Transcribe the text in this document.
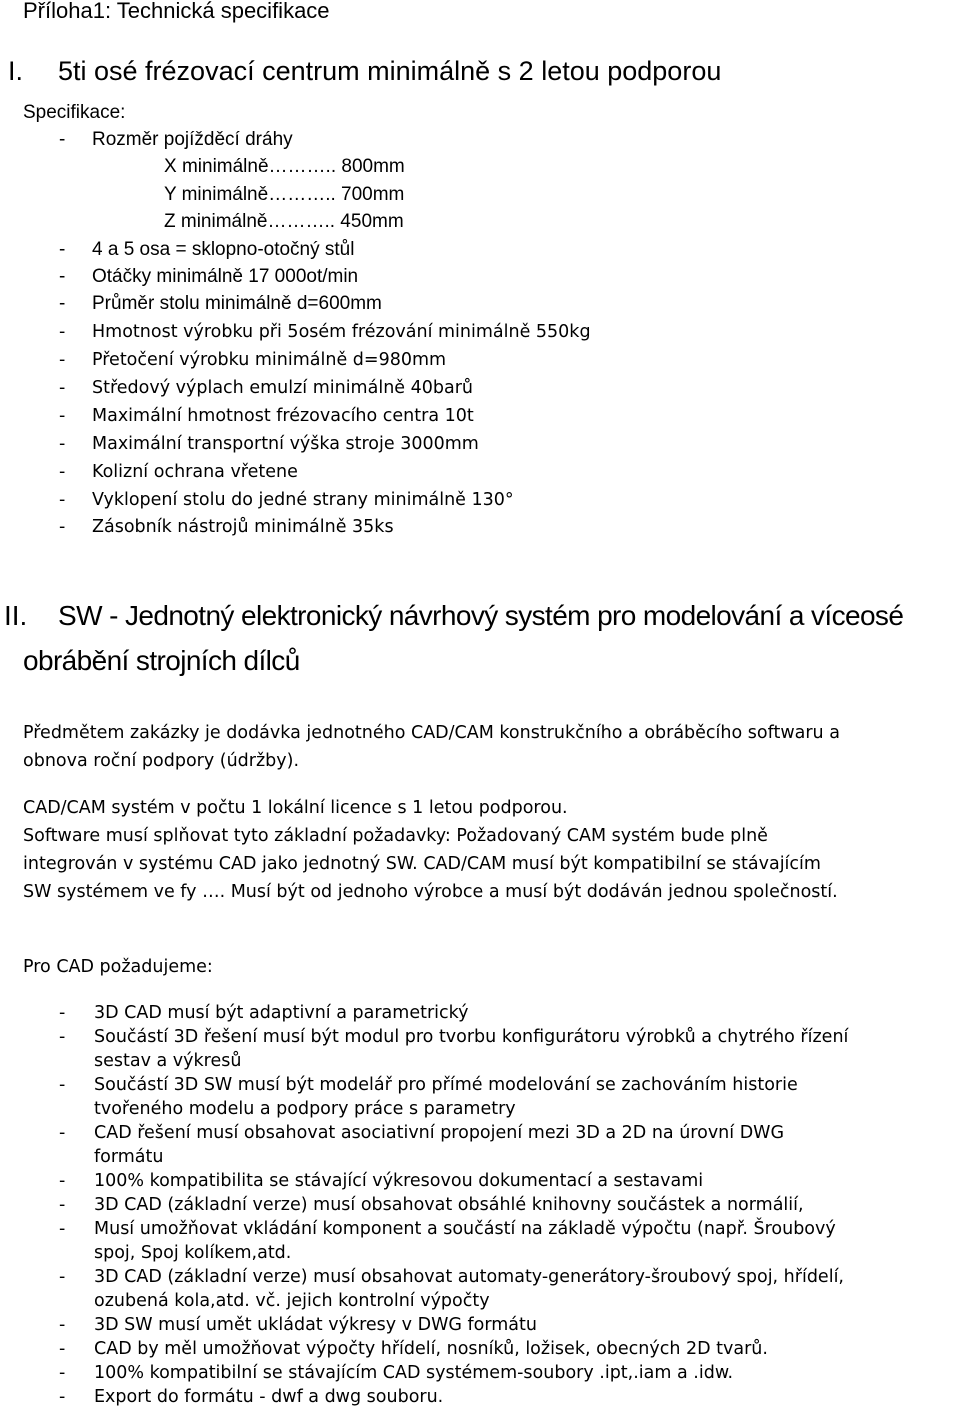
Příloha1: Technická specifikace
I. 5ti osé frézovací centrum minimálně s 2 letou podporou
Specifikace:
- Rozměr pojížděcí dráhy
X minimálně……….. 800mm
Y minimálně……….. 700mm
Z minimálně……….. 450mm
- 4 a 5 osa = sklopno-otočný stůl
- Otáčky minimálně 17 000ot/min
- Průměr stolu minimálně d=600mm
- Hmotnost výrobku při 5osém frézování minimálně 550kg
- Přetočení výrobku minimálně d=980mm
- Středový výplach emulzí minimálně 40barů
- Maximální hmotnost frézovacího centra 10t
- Maximální transportní výška stroje 3000mm
- Kolizní ochrana vřetene
- Vyklopení stolu do jedné strany minimálně 130°
- Zásobník nástrojů minimálně 35ks
II. SW - Jednotný elektronický návrhový systém pro modelování a víceosé
obrábění strojních dílců
Předmětem zakázky je dodávka jednotného CAD/CAM konstrukčního a obráběcího softwaru a
obnova roční podpory (údržby).
CAD/CAM systém v počtu 1 lokální licence s 1 letou podporou.
Software musí splňovat tyto základní požadavky: Požadovaný CAM systém bude plně
integrován v systému CAD jako jednotný SW. CAD/CAM musí být kompatibilní se stávajícím
SW systémem ve fy …. Musí být od jednoho výrobce a musí být dodáván jednou společností.
Pro CAD požadujeme:
- 3D CAD musí být adaptivní a parametrický
- Součástí 3D řešení musí být modul pro tvorbu konfigurátoru výrobků a chytrého řízení
sestav a výkresů
- Součástí 3D SW musí být modelář pro přímé modelování se zachováním historie
tvořeného modelu a podpory práce s parametry
- CAD řešení musí obsahovat asociativní propojení mezi 3D a 2D na úrovní DWG
formátu
- 100% kompatibilita se stávající výkresovou dokumentací a sestavami
- 3D CAD (základní verze) musí obsahovat obsáhlé knihovny součástek a normálií,
- Musí umožňovat vkládání komponent a součástí na základě výpočtu (např. Šroubový
spoj, Spoj kolíkem,atd.
- 3D CAD (základní verze) musí obsahovat automaty-generátory-šroubový spoj, hřídelí,
ozubená kola,atd. vč. jejich kontrolní výpočty
- 3D SW musí umět ukládat výkresy v DWG formátu
- CAD by měl umožňovat výpočty hřídelí, nosníků, ložisek, obecných 2D tvarů.
- 100% kompatibilní se stávajícím CAD systémem-soubory .ipt,.iam a .idw.
- Export do formátu - dwf a dwg souboru.
